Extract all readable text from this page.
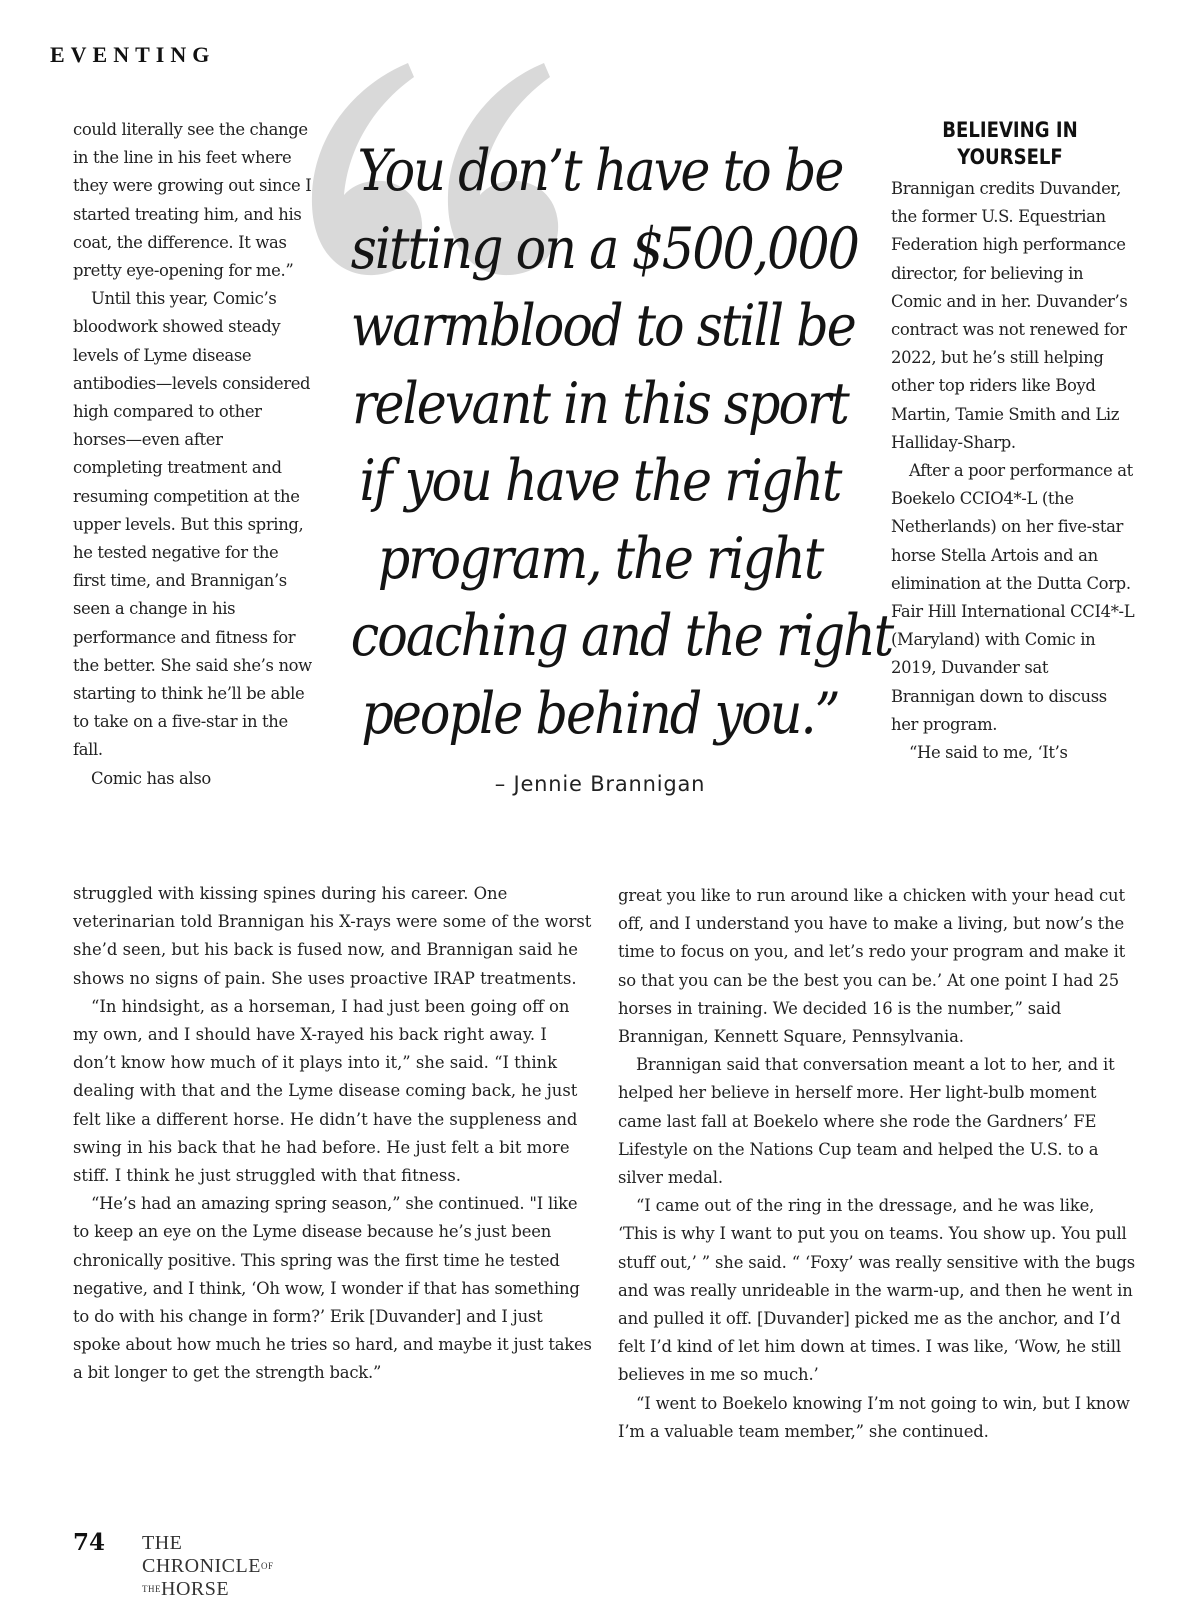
EVENTING
You don’t have to be
sitting on a $500,000
warmblood to still be
relevant in this sport
if you have the right
program, the right
coaching and the right
people behind you.”
– Jennie Brannigan
BELIEVING IN
YOURSELF

could literally see the change in the line in his feet where they were growing out since I started treating him, and his coat, the difference. It was pretty eye-opening for me.”

Until this year, Comic’s bloodwork showed steady levels of Lyme disease antibodies—levels considered high compared to other horses—even after completing treatment and resuming competition at the upper levels. But this spring, he tested negative for the first time, and Brannigan’s seen a change in his performance and fitness for the better. She said she’s now starting to think he’ll be able to take on a five-star in the fall.

Comic has also

struggled with kissing spines during his career. One veterinarian told Brannigan his X-rays were some of the worst she’d seen, but his back is fused now, and Brannigan said he shows no signs of pain. She uses proactive IRAP treatments.

“In hindsight, as a horseman, I had just been going off on my own, and I should have X-rayed his back right away. I don’t know how much of it plays into it,” she said. “I think dealing with that and the Lyme disease coming back, he just felt like a different horse. He didn’t have the suppleness and swing in his back that he had before. He just felt a bit more stiff. I think he just struggled with that fitness.

“He’s had an amazing spring season,” she continued. "I like to keep an eye on the Lyme disease because he’s just been chronically positive. This spring was the first time he tested negative, and I think, ‘Oh wow, I wonder if that has something to do with his change in form?’ Erik [Duvander] and I just spoke about how much he tries so hard, and maybe it just takes a bit longer to get the strength back.”

Brannigan credits Duvander, the former U.S. Equestrian Federation high performance director, for believing in Comic and in her. Duvander’s contract was not renewed for 2022, but he’s still helping other top riders like Boyd Martin, Tamie Smith and Liz Halliday-Sharp.

After a poor performance at Boekelo CCIO4*-L (the Netherlands) on her five-star horse Stella Artois and an elimination at the Dutta Corp. Fair Hill International CCI4*-L (Maryland) with Comic in 2019, Duvander sat Brannigan down to discuss her program.

“He said to me, ‘It’s

great you like to run around like a chicken with your head cut off, and I understand you have to make a living, but now’s the time to focus on you, and let’s redo your program and make it so that you can be the best you can be.’ At one point I had 25 horses in training. We decided 16 is the number,” said Brannigan, Kennett Square, Pennsylvania.

Brannigan said that conversation meant a lot to her, and it helped her believe in herself more. Her light-bulb moment came last fall at Boekelo where she rode the Gardners’ FE Lifestyle on the Nations Cup team and helped the U.S. to a silver medal.

“I came out of the ring in the dressage, and he was like, ‘This is why I want to put you on teams. You show up. You pull stuff out,’ ” she said. “ ‘Foxy’ was really sensitive with the bugs and was really unrideable in the warm-up, and then he went in and pulled it off. [Duvander] picked me as the anchor, and I’d felt I’d kind of let him down at times. I was like, ‘Wow, he still believes in me so much.’

“I went to Boekelo knowing I’m not going to win, but I know I’m a valuable team member,” she continued.

74 THE CHRONICLEOF THEHORSE
